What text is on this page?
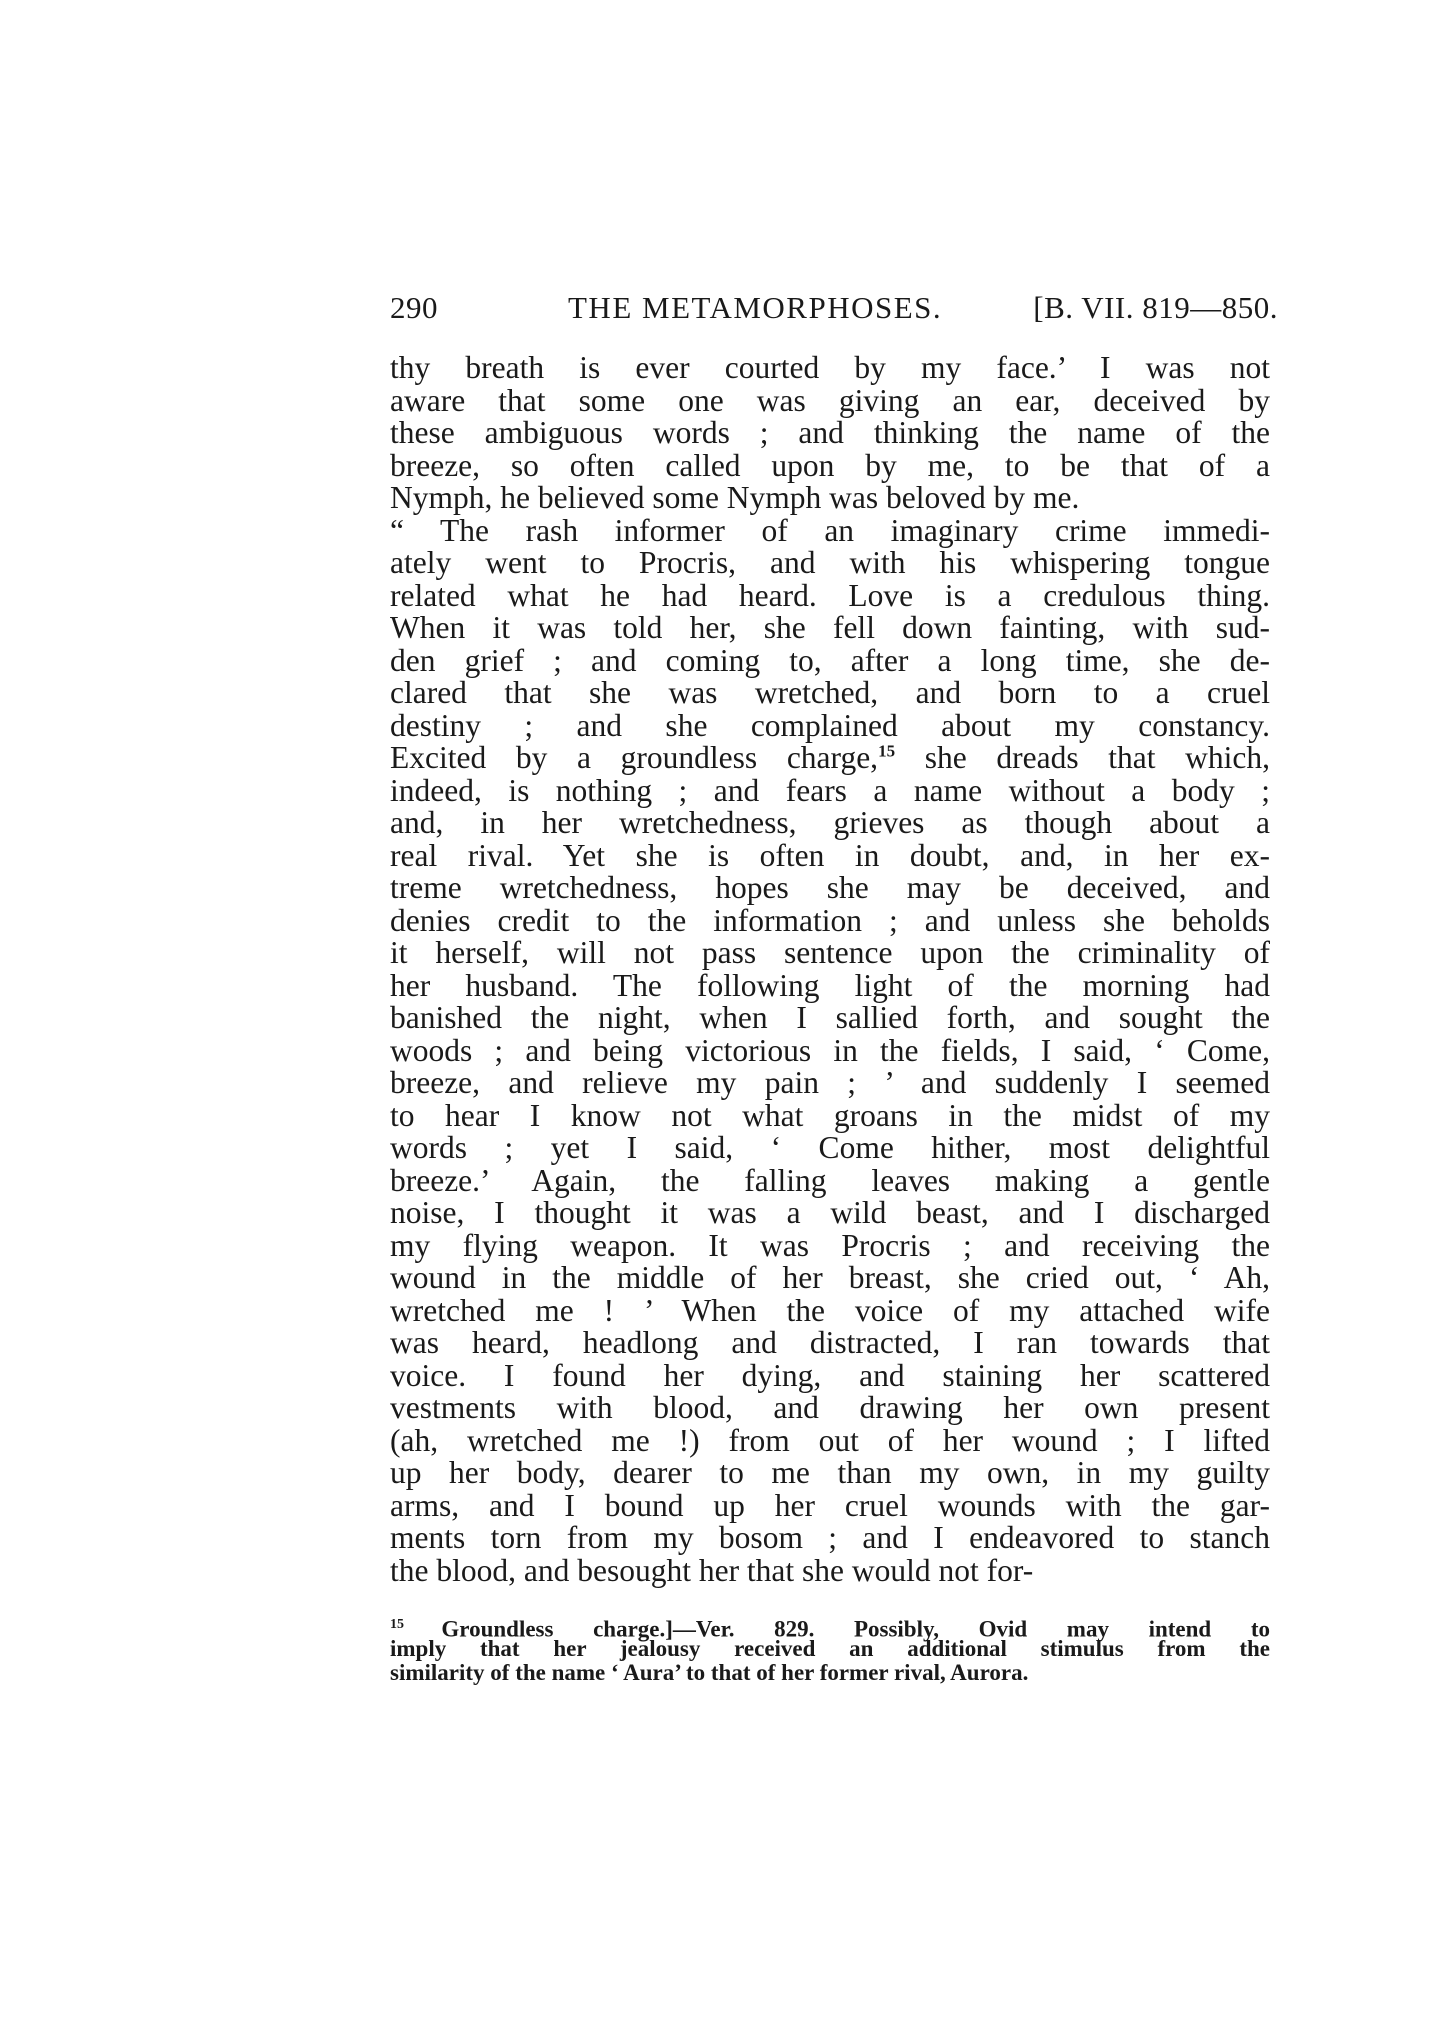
290	THE METAMORPHOSES.	[B. VII. 819—850.
thy breath is ever courted by my face.’ I was not
aware that some one was giving an ear, deceived by
these ambiguous words ; and thinking the name of the
breeze, so often called upon by me, to be that of a
Nymph, he believed some Nymph was beloved by me.
“ The rash informer of an imaginary crime immedi-
ately went to Procris, and with his whispering tongue
related what he had heard. Love is a credulous thing.
When it was told her, she fell down fainting, with sud-
den grief ; and coming to, after a long time, she de-
clared that she was wretched, and born to a cruel
destiny ; and she complained about my constancy.
Excited by a groundless charge,$^{15}$ she dreads that which,
indeed, is nothing ; and fears a name without a body ;
and, in her wretchedness, grieves as though about a
real rival. Yet she is often in doubt, and, in her ex-
treme wretchedness, hopes she may be deceived, and
denies credit to the information ; and unless she beholds
it herself, will not pass sentence upon the criminality of
her husband. The following light of the morning had
banished the night, when I sallied forth, and sought the
woods ; and being victorious in the fields, I said, ‘ Come,
breeze, and relieve my pain ; ’ and suddenly I seemed
to hear I know not what groans in the midst of my
words ; yet I said, ‘ Come hither, most delightful
breeze.’ Again, the falling leaves making a gentle
noise, I thought it was a wild beast, and I discharged
my flying weapon. It was Procris ; and receiving the
wound in the middle of her breast, she cried out, ‘ Ah,
wretched me ! ’ When the voice of my attached wife
was heard, headlong and distracted, I ran towards that
voice. I found her dying, and staining her scattered
vestments with blood, and drawing her own present
(ah, wretched me !) from out of her wound ; I lifted
up her body, dearer to me than my own, in my guilty
arms, and I bound up her cruel wounds with the gar-
ments torn from my bosom ; and I endeavored to stanch
the blood, and besought her that she would not for-
$^{15}$ Groundless charge.]—Ver. 829. Possibly, Ovid may intend to
imply that her jealousy received an additional stimulus from the
similarity of the name ‘ Aura’ to that of her former rival, Aurora.
